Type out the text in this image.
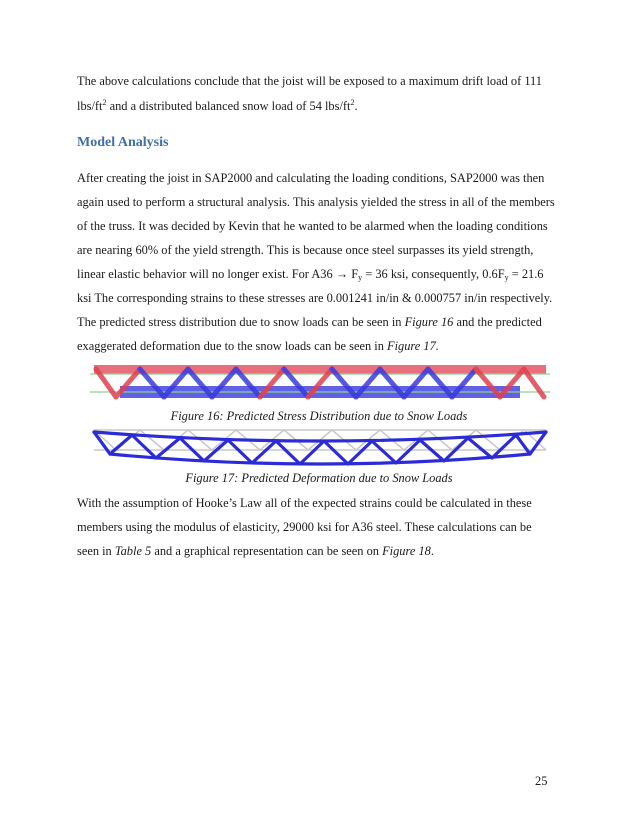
The above calculations conclude that the joist will be exposed to a maximum drift load of 111
lbs/$ft^2$ and a distributed balanced snow load of 54 lbs/$ft^2$.
Model Analysis
After creating the joist in SAP2000 and calculating the loading conditions, SAP2000 was then
again used to perform a structural analysis. This analysis yielded the stress in all of the members
of the truss. It was decided by Kevin that he wanted to be alarmed when the loading conditions
are nearing 60% of the yield strength. This is because once steel surpasses its yield strength,
linear elastic behavior will no longer exist. For $A36 \to F_y = 36$ ksi, consequently, $0.6F_y = 21.6$
ksi The corresponding strains to these stresses are 0.001241 in/in & 0.000757 in/in respectively.
The predicted stress distribution due to snow loads can be seen in Figure 16 and the predicted
exaggerated deformation due to the snow loads can be seen in Figure 17.
Figure 16: Predicted Stress Distribution due to Snow Loads
Figure 17: Predicted Deformation due to Snow Loads
With the assumption of Hooke’s Law all of the expected strains could be calculated in these
members using the modulus of elasticity, 29000 ksi for A36 steel. These calculations can be
seen in Table 5 and a graphical representation can be seen on Figure 18.
25
